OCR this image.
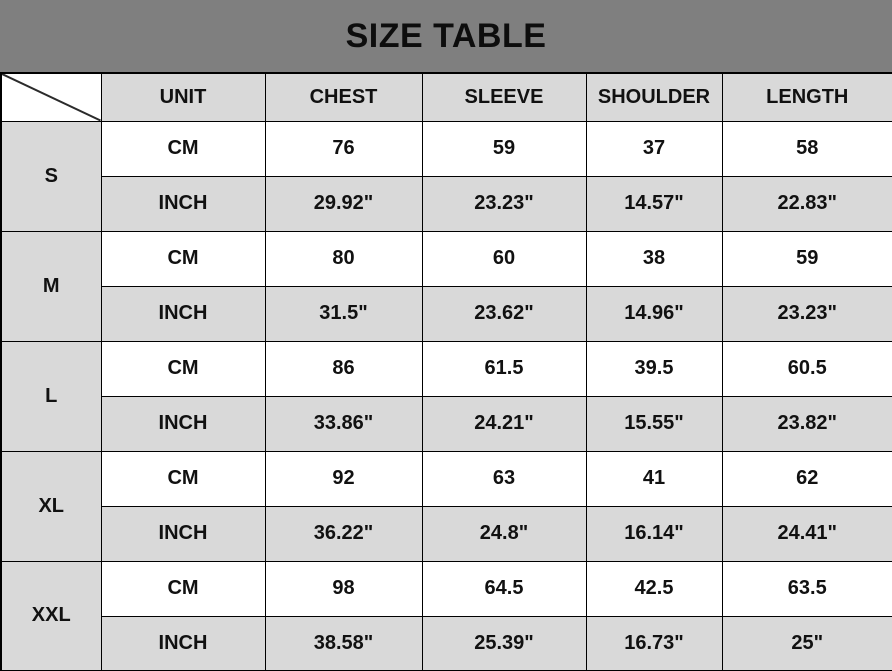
SIZE TABLE
	UNIT	CHEST	SLEEVE	SHOULDER	LENGTH
S	CM	76	59	37	58
	INCH	29.92"	23.23"	14.57"	22.83"
M	CM	80	60	38	59
	INCH	31.5"	23.62"	14.96"	23.23"
L	CM	86	61.5	39.5	60.5
	INCH	33.86"	24.21"	15.55"	23.82"
XL	CM	92	63	41	62
	INCH	36.22"	24.8"	16.14"	24.41"
XXL	CM	98	64.5	42.5	63.5
	INCH	38.58"	25.39"	16.73"	25"
